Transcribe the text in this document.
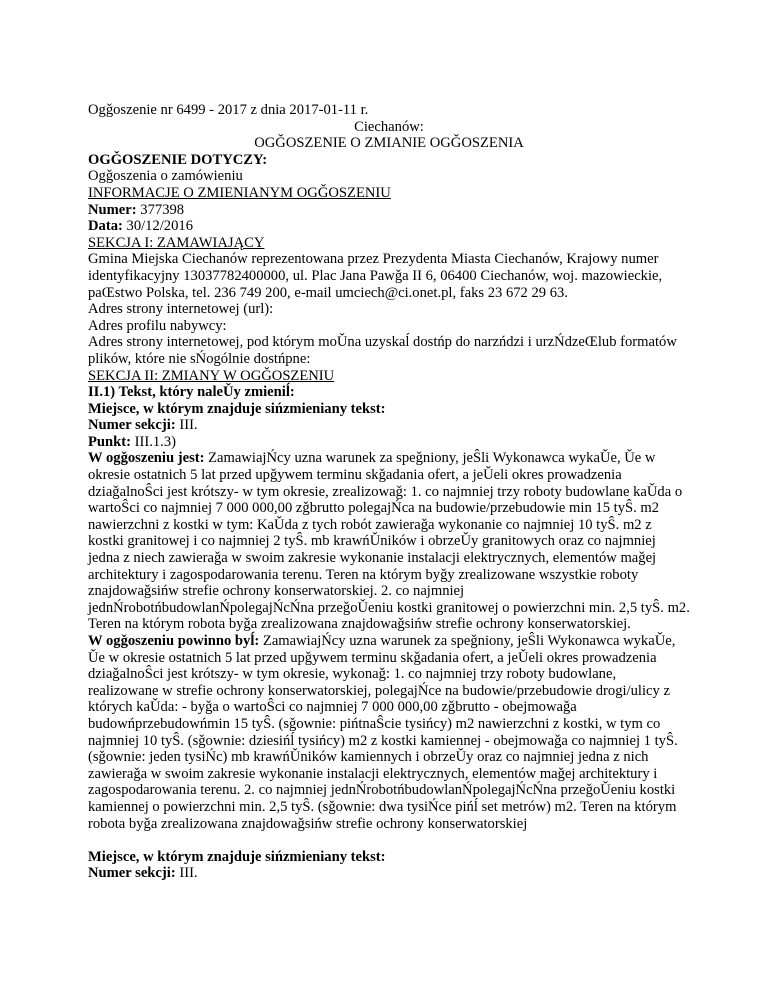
Ogǧoszenie nr 6499 - 2017 z dnia 2017-01-11 r.
Ciechanów:
OGǦOSZENIE O ZMIANIE OGǦOSZENIA
OGǦOSZENIE DOTYCZY:
Ogǧoszenia o zamówieniu
INFORMACJE O ZMIENIANYM OGǦOSZENIU
Numer: 377398
Data: 30/12/2016
SEKCJA I: ZAMAWIAJĄCY

Gmina Miejska Ciechanów reprezentowana przez Prezydenta Miasta Ciechanów, Krajowy numer identyfikacyjny 13037782400000, ul. Plac Jana Pawǧa II 6, 06400 Ciechanów, woj. mazowieckie, paŒstwo Polska, tel. 236 749 200, e-mail umciech@ci.onet.pl, faks 23 672 29 63.

Adres strony internetowej (url):
Adres profilu nabywcy:

Adres strony internetowej, pod którym moǓna uzyskaĺ dostńp do narzńdzi i urzŃdzeŒlub formatów plików, które nie sŃogólnie dostńpne:

SEKCJA II: ZMIANY W OGǦOSZENIU
II.1) Tekst, który naleǓy zmieniĺ:
Miejsce, w którym znajduje sińzmieniany tekst:
Numer sekcji: III.
Punkt: III.1.3)

W ogǧoszeniu jest: ZamawiajŃcy uzna warunek za speǧniony, jeŜli Wykonawca wykaǓe, Ǔe w okresie ostatnich 5 lat przed upǧywem terminu skǧadania ofert, a jeǓeli okres prowadzenia dziaǧalnoŜci jest krótszy- w tym okresie, zrealizowaǧ: 1. co najmniej trzy roboty budowlane kaǓda o wartoŜci co najmniej 7 000 000,00 zǧbrutto polegajŃca na budowie/przebudowie min 15 tyŜ. m2 nawierzchni z kostki w tym: KaǓda z tych robót zawieraǧa wykonanie co najmniej 10 tyŜ. m2 z kostki granitowej i co najmniej 2 tyŜ. mb krawńǓników i obrzeǓy granitowych oraz co najmniej jedna z niech zawieraǧa w swoim zakresie wykonanie instalacji elektrycznych, elementów maǧej architektury i zagospodarowania terenu. Teren na którym byǧy zrealizowane wszystkie roboty znajdowaǧsińw strefie ochrony konserwatorskiej. 2. co najmniej jednŃrobotńbudowlanŃpolegajŃcŃna przeǧoǓeniu kostki granitowej o powierzchni min. 2,5 tyŜ. m2. Teren na którym robota byǧa zrealizowana znajdowaǧsińw strefie ochrony konserwatorskiej.

W ogǧoszeniu powinno byĺ: ZamawiajŃcy uzna warunek za speǧniony, jeŜli Wykonawca wykaǓe, Ǔe w okresie ostatnich 5 lat przed upǧywem terminu skǧadania ofert, a jeǓeli okres prowadzenia dziaǧalnoŜci jest krótszy- w tym okresie, wykonaǧ: 1. co najmniej trzy roboty budowlane, realizowane w strefie ochrony konserwatorskiej, polegajŃce na budowie/przebudowie drogi/ulicy z których kaǓda: - byǧa o wartoŜci co najmniej 7 000 000,00 zǧbrutto - obejmowaǧa budowńprzebudowńmin 15 tyŜ. (sǧownie: pińtnaŜcie tysińcy) m2 nawierzchni z kostki, w tym co najmniej 10 tyŜ. (sǧownie: dziesińĺ tysińcy) m2 z kostki kamiennej - obejmowaǧa co najmniej 1 tyŜ. (sǧownie: jeden tysiŃc) mb krawńǓników kamiennych i obrzeǓy oraz co najmniej jedna z nich zawieraǧa w swoim zakresie wykonanie instalacji elektrycznych, elementów maǧej architektury i zagospodarowania terenu. 2. co najmniej jednŃrobotńbudowlanŃpolegajŃcŃna przeǧoǓeniu kostki kamiennej o powierzchni min. 2,5 tyŜ. (sǧownie: dwa tysiŃce pińĺ set metrów) m2. Teren na którym robota byǧa zrealizowana znajdowaǧsińw strefie ochrony konserwatorskiej

Miejsce, w którym znajduje sińzmieniany tekst:
Numer sekcji: III.
